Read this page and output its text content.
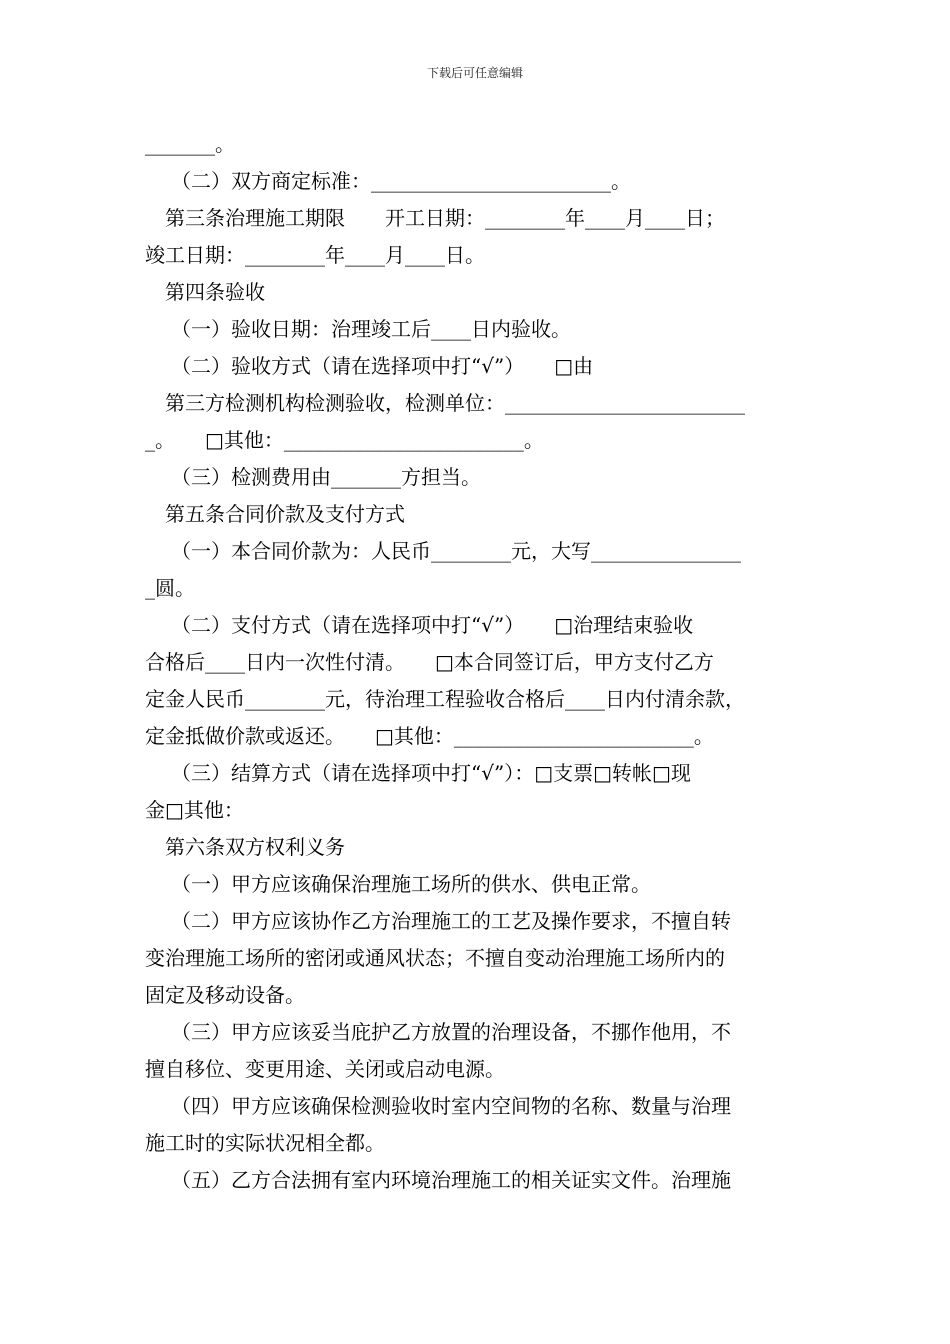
下载后可任意编辑
_______。
（二）双方商定标准：________________________。
第三条治理施工期限　　开工日期：________年____月____日；
竣工日期：________年____月____日。
第四条验收
（一）验收日期：治理竣工后____日内验收。
（二）验收方式（请在选择项中打“√”）　　□由
第三方检测机构检测验收，检测单位：________________________
_。　　□其他：________________________。
（三）检测费用由_______方担当。
第五条合同价款及支付方式
（一）本合同价款为：人民币________元，大写_______________
_圆。
（二）支付方式（请在选择项中打“√”）　　□治理结束验收
合格后____日内一次性付清。　　□本合同签订后，甲方支付乙方
定金人民币________元，待治理工程验收合格后____日内付清余款，
定金抵做价款或返还。　　□其他：________________________。
（三）结算方式（请在选择项中打“√”）：□支票□转帐□现
金□其他：
第六条双方权利义务
（一）甲方应该确保治理施工场所的供水、供电正常。
（二）甲方应该协作乙方治理施工的工艺及操作要求，不擅自转
变治理施工场所的密闭或通风状态；不擅自变动治理施工场所内的
固定及移动设备。
（三）甲方应该妥当庇护乙方放置的治理设备，不挪作他用，不
擅自移位、变更用途、关闭或启动电源。
（四）甲方应该确保检测验收时室内空间物的名称、数量与治理
施工时的实际状况相全都。
（五）乙方合法拥有室内环境治理施工的相关证实文件。治理施
